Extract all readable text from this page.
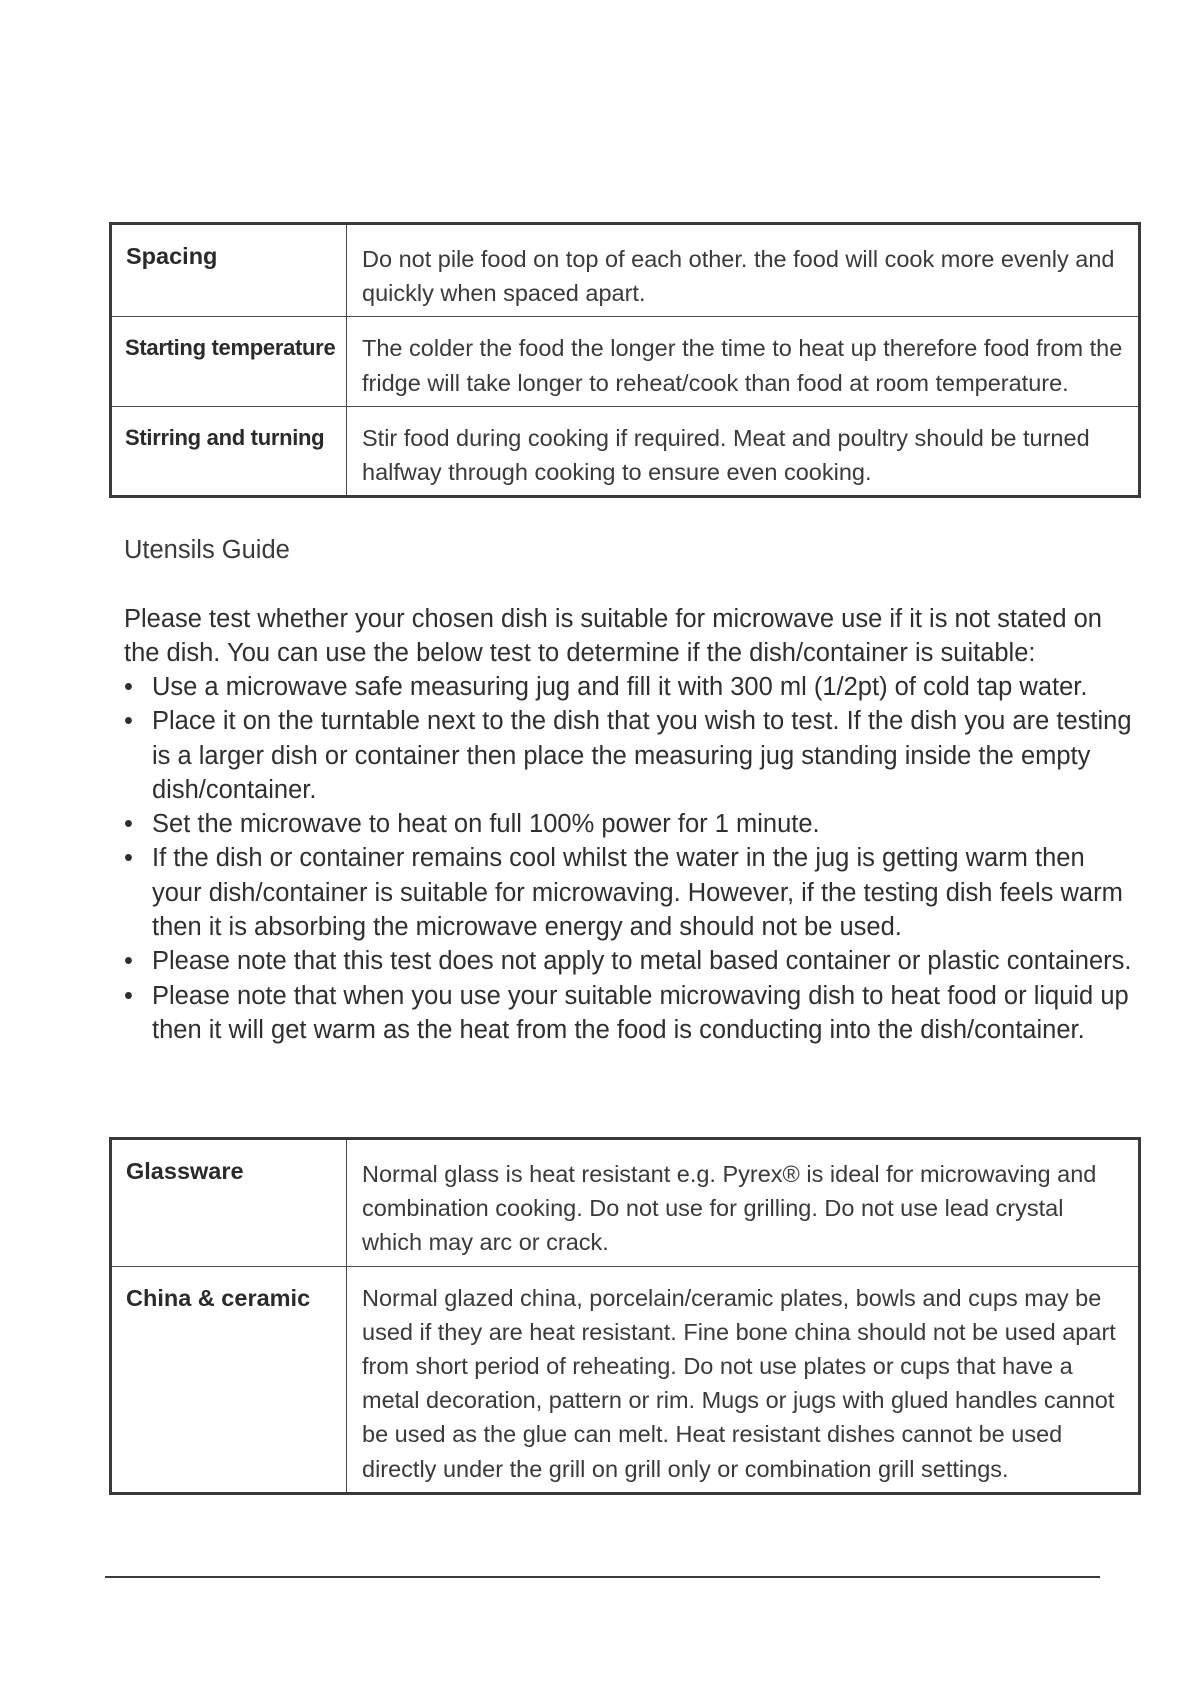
Spacing	Do not pile food on top of each other. the food will cook more evenly and quickly when spaced apart.
Starting temperature	The colder the food the longer the time to heat up therefore food from the fridge will take longer to reheat/cook than food at room temperature.
Stirring and turning	Stir food during cooking if required. Meat and poultry should be turned halfway through cooking to ensure even cooking.
Utensils Guide

Please test whether your chosen dish is suitable for microwave use if it is not stated on the dish. You can use the below test to determine if the dish/container is suitable:

• Use a microwave safe measuring jug and fill it with 300 ml (1/2pt) of cold tap water.
• Place it on the turntable next to the dish that you wish to test. If the dish you are testing is a larger dish or container then place the measuring jug standing inside the empty dish/container.
• Set the microwave to heat on full 100% power for 1 minute.
• If the dish or container remains cool whilst the water in the jug is getting warm then your dish/container is suitable for microwaving. However, if the testing dish feels warm then it is absorbing the microwave energy and should not be used.
• Please note that this test does not apply to metal based container or plastic containers.
• Please note that when you use your suitable microwaving dish to heat food or liquid up then it will get warm as the heat from the food is conducting into the dish/container.
Glassware	Normal glass is heat resistant e.g. Pyrex® is ideal for microwaving and combination cooking. Do not use for grilling. Do not use lead crystal which may arc or crack.
China & ceramic	Normal glazed china, porcelain/ceramic plates, bowls and cups may be used if they are heat resistant. Fine bone china should not be used apart from short period of reheating. Do not use plates or cups that have a metal decoration, pattern or rim. Mugs or jugs with glued handles cannot be used as the glue can melt. Heat resistant dishes cannot be used directly under the grill on grill only or combination grill settings.
